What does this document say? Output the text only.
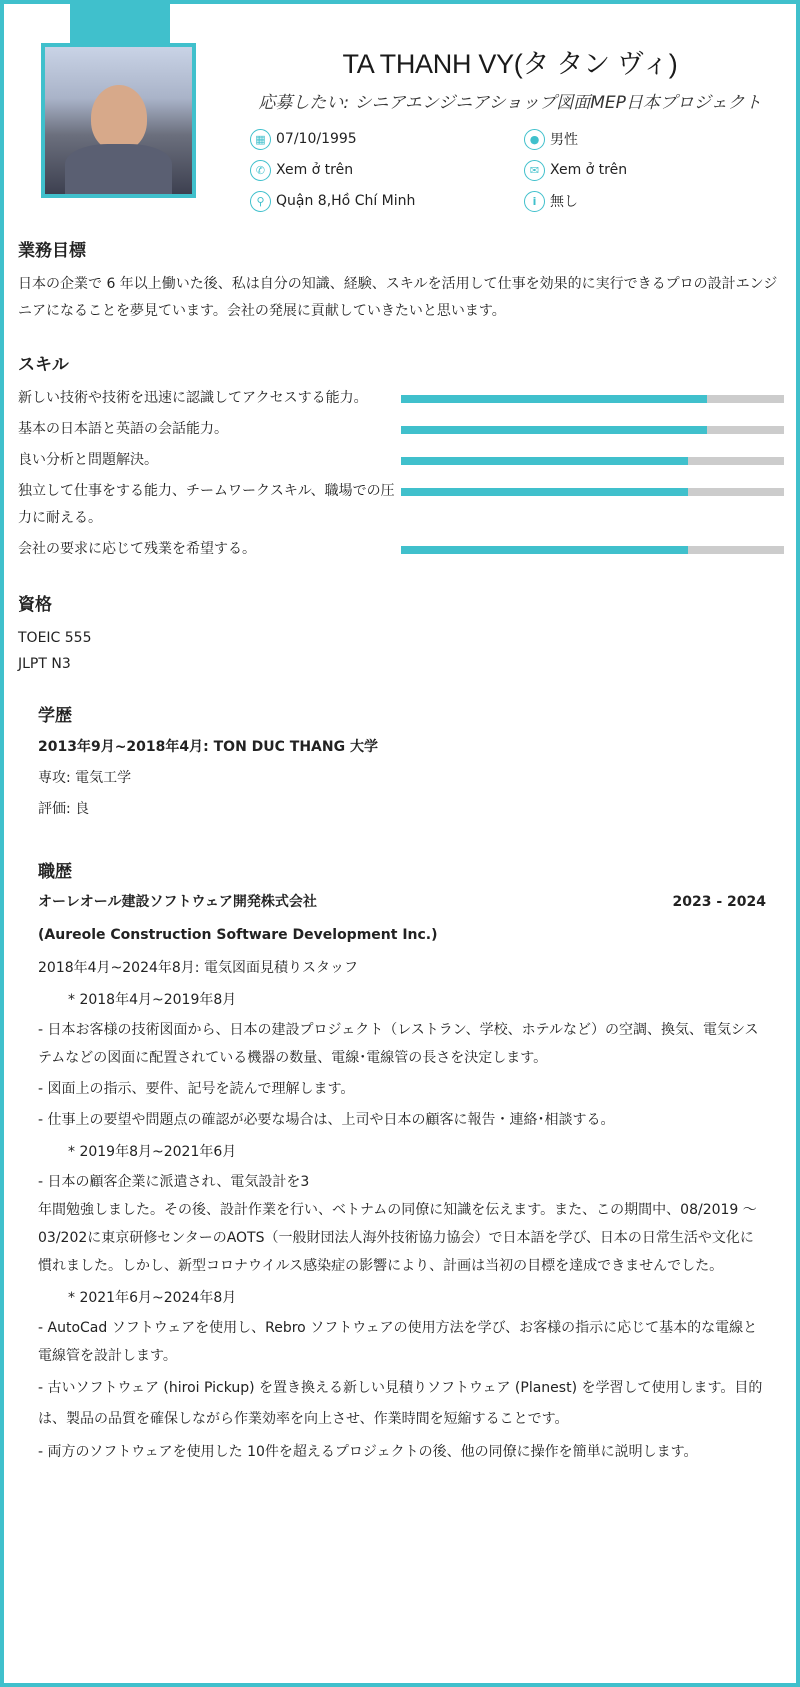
TA THANH VY(タ タン ヴィ)
応募したい: シニアエンジニアショップ図面MEP日本プロジェクト
▦ 07/10/1995
✆ Xem ở trên
⚲ Quận 8,Hồ Chí Minh
● 男性
✉ Xem ở trên
i 無し
業務目標
日本の企業で 6 年以上働いた後、私は自分の知識、経験、スキルを活用して仕事を効果的に実行できるプロの設計エンジニアになることを夢見ています。会社の発展に貢献していきたいと思います。
スキル
新しい技術や技術を迅速に認識してアクセスする能力。
基本の日本語と英語の会話能力。
良い分析と問題解決。
独立して仕事をする能力、チームワークスキル、職場での圧力に耐える。
会社の要求に応じて残業を希望する。
資格
TOEIC 555
JLPT N3
学歴
2013年9月~2018年4月: TON DUC THANG 大学
専攻: 電気工学
評価: 良
職歴
オーレオール建設ソフトウェア開発株式会社	2023 - 2024
(Aureole Construction Software Development Inc.)
2018年4月~2024年8月: 電気図面見積りスタッフ
* 2018年4月~2019年8月
- 日本お客様の技術図面から、日本の建設プロジェクト（レストラン、学校、ホテルなど）の空調、換気、電気システムなどの図面に配置されている機器の数量、電線･電線管の長さを決定します。
- 図面上の指示、要件、記号を読んで理解します。
- 仕事上の要望や問題点の確認が必要な場合は、上司や日本の顧客に報告・連絡･相談する。
* 2019年8月~2021年6月
- 日本の顧客企業に派遣され、電気設計を3
年間勉強しました。その後、設計作業を行い、ベトナムの同僚に知識を伝えます。また、この期間中、08/2019 〜 03/202に東京研修センターのAOTS（一般財団法人海外技術協力協会）で日本語を学び、日本の日常生活や文化に慣れました。しかし、新型コロナウイルス感染症の影響により、計画は当初の目標を達成できませんでした。
* 2021年6月~2024年8月
- AutoCad ソフトウェアを使用し、Rebro ソフトウェアの使用方法を学び、お客様の指示に応じて基本的な電線と電線管を設計します。
- 古いソフトウェア (hiroi Pickup) を置き換える新しい見積りソフトウェア (Planest) を学習して使用します。目的は、製品の品質を確保しながら作業効率を向上させ、作業時間を短縮することです。
- 両方のソフトウェアを使用した 10件を超えるプロジェクトの後、他の同僚に操作を簡単に説明します。
